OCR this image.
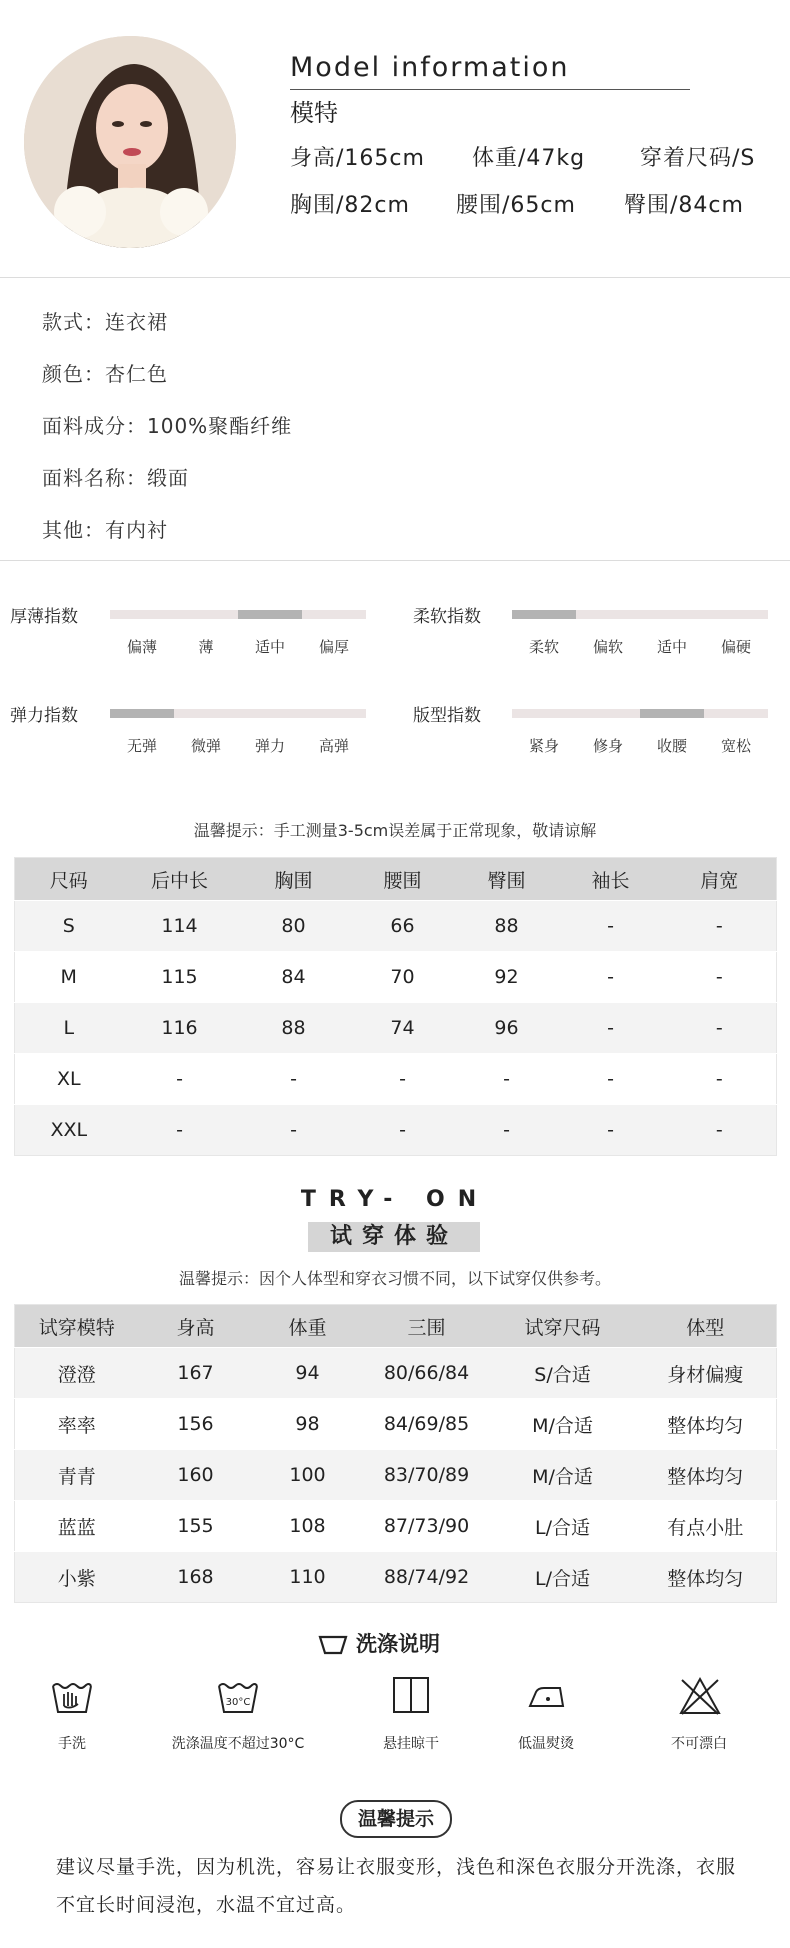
Model information
模特
身高/165cm 体重/47kg 穿着尺码/S
胸围/82cm 腰围/65cm 臀围/84cm
款式：连衣裙
颜色：杏仁色
面料成分：100%聚酯纤维
面料名称：缎面
其他：有内衬
厚薄指数
偏薄	薄	适中	偏厚
柔软指数
柔软	偏软	适中	偏硬
弹力指数
无弹	微弹	弹力	高弹
版型指数
紧身	修身	收腰	宽松
温馨提示：手工测量3-5cm误差属于正常现象，敬请谅解
尺码	后中长	胸围	腰围	臀围	袖长	肩宽
S	114	80	66	88	-	-
M	115	84	70	92	-	-
L	116	88	74	96	-	-
XL	-	-	-	-	-	-
XXL	-	-	-	-	-	-
TRY- ON
试穿体验
温馨提示：因个人体型和穿衣习惯不同，以下试穿仅供参考。
试穿模特	身高	体重	三围	试穿尺码	体型
澄澄	167	94	80/66/84	S/合适	身材偏瘦
率率	156	98	84/69/85	M/合适	整体均匀
青青	160	100	83/70/89	M/合适	整体均匀
蓝蓝	155	108	87/73/90	L/合适	有点小肚
小紫	168	110	88/74/92	L/合适	整体均匀
洗涤说明
30°C
手洗	洗涤温度不超过30°C	悬挂晾干	低温熨烫	不可漂白
温馨提示
建议尽量手洗，因为机洗，容易让衣服变形，浅色和深色衣服分开洗涤，衣服不宜长时间浸泡，水温不宜过高。
